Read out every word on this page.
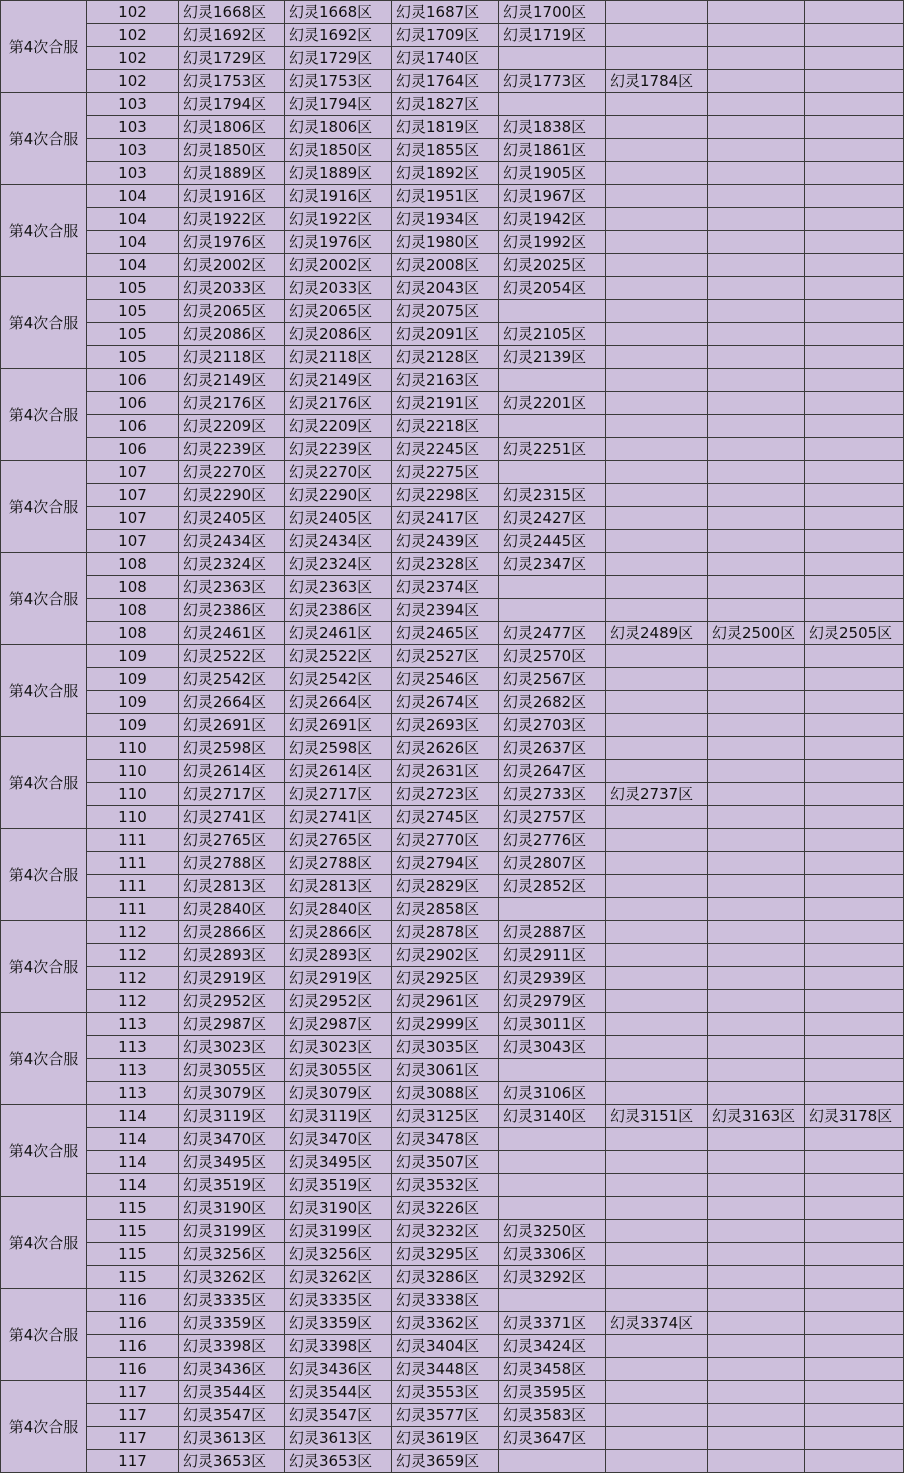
第4次合服	102	幻灵1668区	幻灵1668区	幻灵1687区	幻灵1700区			
	102	幻灵1692区	幻灵1692区	幻灵1709区	幻灵1719区			
	102	幻灵1729区	幻灵1729区	幻灵1740区				
	102	幻灵1753区	幻灵1753区	幻灵1764区	幻灵1773区	幻灵1784区		
第4次合服	103	幻灵1794区	幻灵1794区	幻灵1827区				
	103	幻灵1806区	幻灵1806区	幻灵1819区	幻灵1838区			
	103	幻灵1850区	幻灵1850区	幻灵1855区	幻灵1861区			
	103	幻灵1889区	幻灵1889区	幻灵1892区	幻灵1905区			
第4次合服	104	幻灵1916区	幻灵1916区	幻灵1951区	幻灵1967区			
	104	幻灵1922区	幻灵1922区	幻灵1934区	幻灵1942区			
	104	幻灵1976区	幻灵1976区	幻灵1980区	幻灵1992区			
	104	幻灵2002区	幻灵2002区	幻灵2008区	幻灵2025区			
第4次合服	105	幻灵2033区	幻灵2033区	幻灵2043区	幻灵2054区			
	105	幻灵2065区	幻灵2065区	幻灵2075区				
	105	幻灵2086区	幻灵2086区	幻灵2091区	幻灵2105区			
	105	幻灵2118区	幻灵2118区	幻灵2128区	幻灵2139区			
第4次合服	106	幻灵2149区	幻灵2149区	幻灵2163区				
	106	幻灵2176区	幻灵2176区	幻灵2191区	幻灵2201区			
	106	幻灵2209区	幻灵2209区	幻灵2218区				
	106	幻灵2239区	幻灵2239区	幻灵2245区	幻灵2251区			
第4次合服	107	幻灵2270区	幻灵2270区	幻灵2275区				
	107	幻灵2290区	幻灵2290区	幻灵2298区	幻灵2315区			
	107	幻灵2405区	幻灵2405区	幻灵2417区	幻灵2427区			
	107	幻灵2434区	幻灵2434区	幻灵2439区	幻灵2445区			
第4次合服	108	幻灵2324区	幻灵2324区	幻灵2328区	幻灵2347区			
	108	幻灵2363区	幻灵2363区	幻灵2374区				
	108	幻灵2386区	幻灵2386区	幻灵2394区				
	108	幻灵2461区	幻灵2461区	幻灵2465区	幻灵2477区	幻灵2489区	幻灵2500区	幻灵2505区
第4次合服	109	幻灵2522区	幻灵2522区	幻灵2527区	幻灵2570区			
	109	幻灵2542区	幻灵2542区	幻灵2546区	幻灵2567区			
	109	幻灵2664区	幻灵2664区	幻灵2674区	幻灵2682区			
	109	幻灵2691区	幻灵2691区	幻灵2693区	幻灵2703区			
第4次合服	110	幻灵2598区	幻灵2598区	幻灵2626区	幻灵2637区			
	110	幻灵2614区	幻灵2614区	幻灵2631区	幻灵2647区			
	110	幻灵2717区	幻灵2717区	幻灵2723区	幻灵2733区	幻灵2737区		
	110	幻灵2741区	幻灵2741区	幻灵2745区	幻灵2757区			
第4次合服	111	幻灵2765区	幻灵2765区	幻灵2770区	幻灵2776区			
	111	幻灵2788区	幻灵2788区	幻灵2794区	幻灵2807区			
	111	幻灵2813区	幻灵2813区	幻灵2829区	幻灵2852区			
	111	幻灵2840区	幻灵2840区	幻灵2858区				
第4次合服	112	幻灵2866区	幻灵2866区	幻灵2878区	幻灵2887区			
	112	幻灵2893区	幻灵2893区	幻灵2902区	幻灵2911区			
	112	幻灵2919区	幻灵2919区	幻灵2925区	幻灵2939区			
	112	幻灵2952区	幻灵2952区	幻灵2961区	幻灵2979区			
第4次合服	113	幻灵2987区	幻灵2987区	幻灵2999区	幻灵3011区			
	113	幻灵3023区	幻灵3023区	幻灵3035区	幻灵3043区			
	113	幻灵3055区	幻灵3055区	幻灵3061区				
	113	幻灵3079区	幻灵3079区	幻灵3088区	幻灵3106区			
第4次合服	114	幻灵3119区	幻灵3119区	幻灵3125区	幻灵3140区	幻灵3151区	幻灵3163区	幻灵3178区
	114	幻灵3470区	幻灵3470区	幻灵3478区				
	114	幻灵3495区	幻灵3495区	幻灵3507区				
	114	幻灵3519区	幻灵3519区	幻灵3532区				
第4次合服	115	幻灵3190区	幻灵3190区	幻灵3226区				
	115	幻灵3199区	幻灵3199区	幻灵3232区	幻灵3250区			
	115	幻灵3256区	幻灵3256区	幻灵3295区	幻灵3306区			
	115	幻灵3262区	幻灵3262区	幻灵3286区	幻灵3292区			
第4次合服	116	幻灵3335区	幻灵3335区	幻灵3338区				
	116	幻灵3359区	幻灵3359区	幻灵3362区	幻灵3371区	幻灵3374区		
	116	幻灵3398区	幻灵3398区	幻灵3404区	幻灵3424区			
	116	幻灵3436区	幻灵3436区	幻灵3448区	幻灵3458区			
第4次合服	117	幻灵3544区	幻灵3544区	幻灵3553区	幻灵3595区			
	117	幻灵3547区	幻灵3547区	幻灵3577区	幻灵3583区			
	117	幻灵3613区	幻灵3613区	幻灵3619区	幻灵3647区			
	117	幻灵3653区	幻灵3653区	幻灵3659区				
